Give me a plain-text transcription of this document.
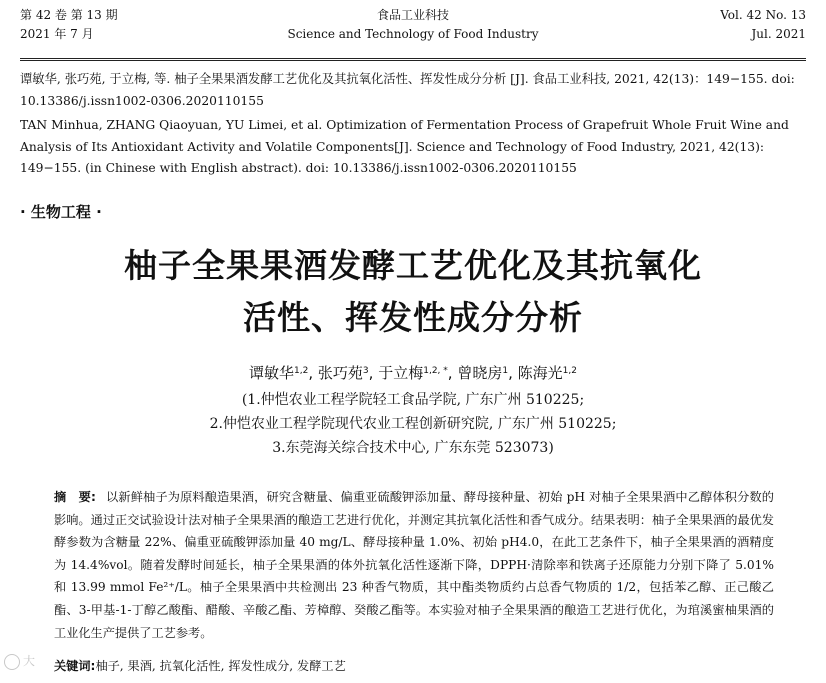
第 42 卷 第 13 期
2021 年 7 月
食品工业科技
Science and Technology of Food Industry
Vol. 42 No. 13
Jul. 2021
谭敏华, 张巧苑, 于立梅, 等. 柚子全果果酒发酵工艺优化及其抗氧化活性、挥发性成分分析 [J]. 食品工业科技, 2021, 42(13)：149−155. doi: 10.13386/j.issn1002-0306.2020110155
TAN Minhua, ZHANG Qiaoyuan, YU Limei, et al. Optimization of Fermentation Process of Grapefruit Whole Fruit Wine and Analysis of Its Antioxidant Activity and Volatile Components[J]. Science and Technology of Food Industry, 2021, 42(13): 149−155. (in Chinese with English abstract). doi: 10.13386/j.issn1002-0306.2020110155
· 生物工程 ·
柚子全果果酒发酵工艺优化及其抗氧化
活性、挥发性成分分析
谭敏华$^{1,2}$, 张巧苑$^3$, 于立梅$^{1,2, *}$, 曾晓房$^1$, 陈海光$^{1,2}$
(1.仲恺农业工程学院轻工食品学院, 广东广州 510225;
2.仲恺农业工程学院现代农业工程创新研究院, 广东广州 510225;
3.东莞海关综合技术中心, 广东东莞 523073)
摘　要: 以新鲜柚子为原料酿造果酒，研究含糖量、偏重亚硫酸钾添加量、酵母接种量、初始 pH 对柚子全果果酒中乙醇体积分数的影响。通过正交试验设计法对柚子全果果酒的酿造工艺进行优化，并测定其抗氧化活性和香气成分。结果表明：柚子全果果酒的最优发酵参数为含糖量 22%、偏重亚硫酸钾添加量 40 mg/L、酵母接种量 1.0%、初始 pH4.0，在此工艺条件下，柚子全果果酒的酒精度为 14.4%vol。随着发酵时间延长，柚子全果果酒的体外抗氧化活性逐渐下降，DPPH·清除率和铁离子还原能力分别下降了 5.01% 和 13.99 mmol Fe²⁺/L。柚子全果果酒中共检测出 23 种香气物质，其中酯类物质约占总香气物质的 1/2，包括苯乙醇、正己酸乙酯、3-甲基-1-丁醇乙酸酯、醋酸、辛酸乙酯、芳樟醇、癸酸乙酯等。本实验对柚子全果果酒的酿造工艺进行优化，为琯溪蜜柚果酒的工业化生产提供了工艺参考。
关键词:柚子, 果酒, 抗氧化活性, 挥发性成分, 发酵工艺
大
